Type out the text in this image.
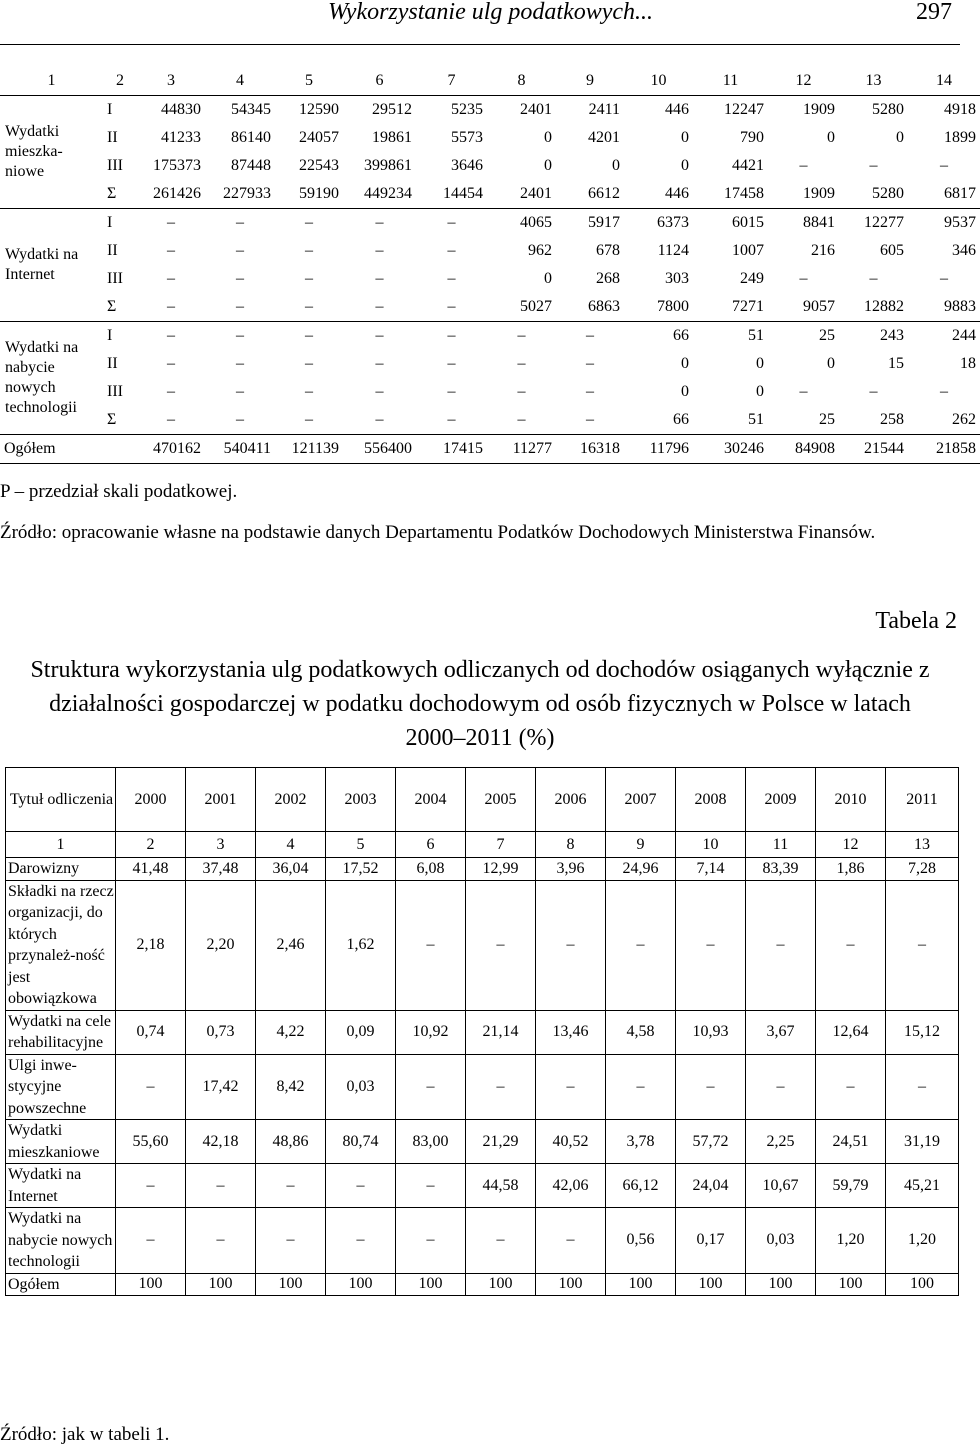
Wykorzystanie ulg podatkowych...	297
1	2	3	4	5	6	7	8	9	10	11	12	13	14
Wydatki mieszka-niowe	I	44830	54345	12590	29512	5235	2401	2411	446	12247	1909	5280	4918
	II	41233	86140	24057	19861	5573	0	4201	0	790	0	0	1899
	III	175373	87448	22543	399861	3646	0	0	0	4421	–	–	–
	Σ	261426	227933	59190	449234	14454	2401	6612	446	17458	1909	5280	6817
Wydatki na Internet	I	–	–	–	–	–	4065	5917	6373	6015	8841	12277	9537
	II	–	–	–	–	–	962	678	1124	1007	216	605	346
	III	–	–	–	–	–	0	268	303	249	–	–	–
	Σ	–	–	–	–	–	5027	6863	7800	7271	9057	12882	9883
Wydatki na nabycie nowych technologii	I	–	–	–	–	–	–	–	66	51	25	243	244
	II	–	–	–	–	–	–	–	0	0	0	15	18
	III	–	–	–	–	–	–	–	0	0	–	–	–
	Σ	–	–	–	–	–	–	–	66	51	25	258	262
Ogółem		470162	540411	121139	556400	17415	11277	16318	11796	30246	84908	21544	21858
P – przedział skali podatkowej.
Źródło: opracowanie własne na podstawie danych Departamentu Podatków Dochodowych Ministerstwa Finansów.
Tabela 2
Struktura wykorzystania ulg podatkowych odliczanych od dochodów osiąganych wyłącznie z działalności gospodarczej w podatku dochodowym od osób fizycznych w Polsce w latach 2000–2011 (%)
Tytuł odliczenia	2000	2001	2002	2003	2004	2005	2006	2007	2008	2009	2010	2011
1	2	3	4	5	6	7	8	9	10	11	12	13
Darowizny	41,48	37,48	36,04	17,52	6,08	12,99	3,96	24,96	7,14	83,39	1,86	7,28
Składki na rzecz organizacji, do których przynależ-ność jest obowiązkowa	2,18	2,20	2,46	1,62	–	–	–	–	–	–	–	–
Wydatki na cele rehabilitacyjne	0,74	0,73	4,22	0,09	10,92	21,14	13,46	4,58	10,93	3,67	12,64	15,12
Ulgi inwe-stycyjne powszechne	–	17,42	8,42	0,03	–	–	–	–	–	–	–	–
Wydatki mieszkaniowe	55,60	42,18	48,86	80,74	83,00	21,29	40,52	3,78	57,72	2,25	24,51	31,19
Wydatki na Internet	–	–	–	–	–	44,58	42,06	66,12	24,04	10,67	59,79	45,21
Wydatki na nabycie nowych technologii	–	–	–	–	–	–	–	0,56	0,17	0,03	1,20	1,20
Ogółem	100	100	100	100	100	100	100	100	100	100	100	100
Źródło: jak w tabeli 1.
